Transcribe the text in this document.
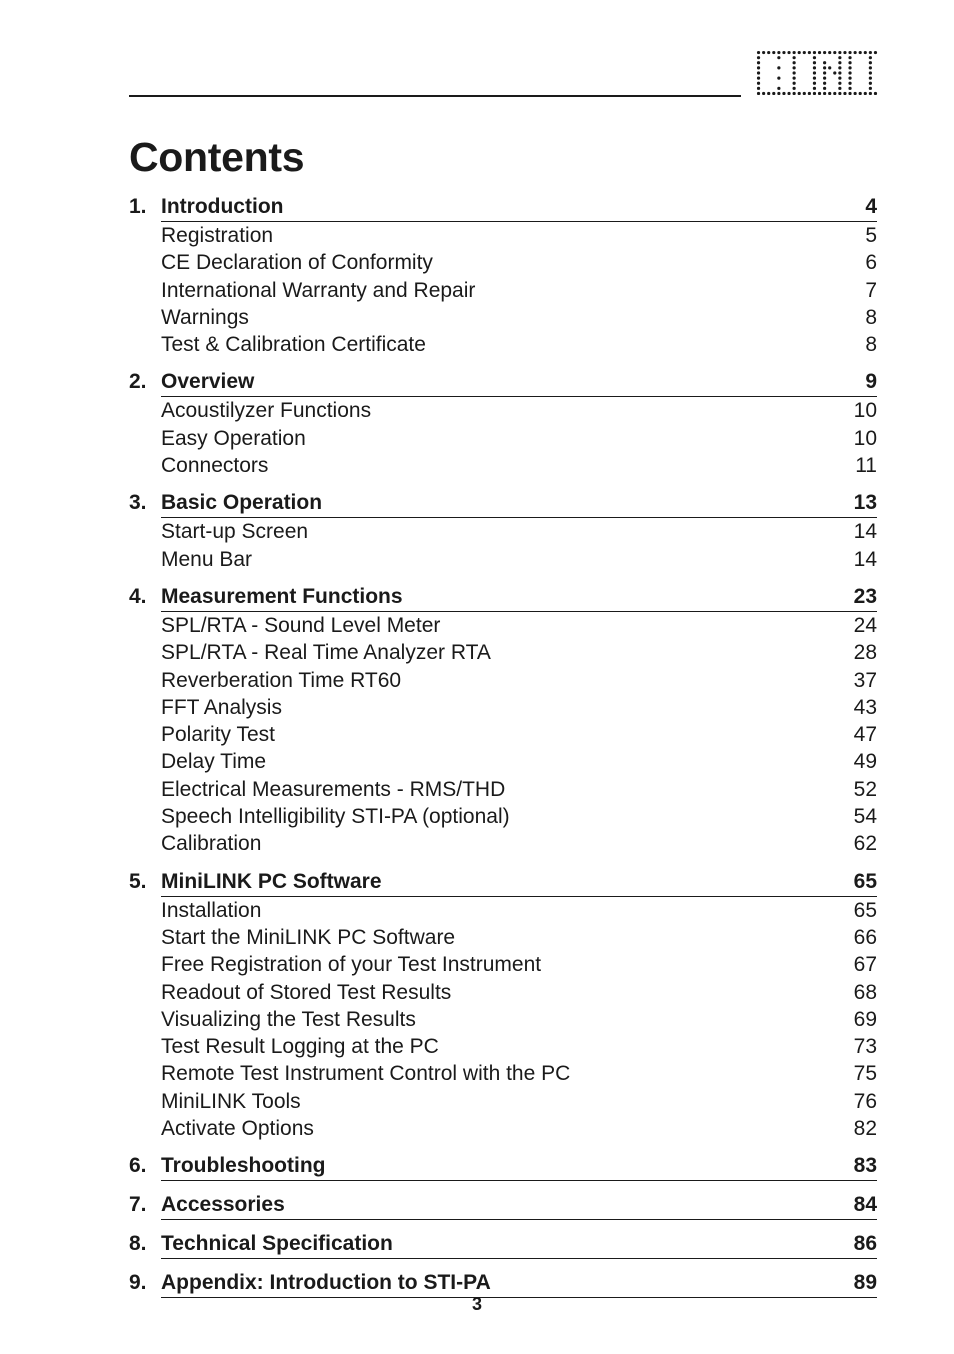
Contents
1. Introduction	4
Registration	5
CE Declaration of Conformity	6
International Warranty and Repair	7
Warnings	8
Test & Calibration Certificate	8
2. Overview	9
Acoustilyzer Functions	10
Easy Operation	10
Connectors	11
3. Basic Operation	13
Start-up Screen	14
Menu Bar	14
4. Measurement Functions	23
SPL/RTA - Sound Level Meter	24
SPL/RTA - Real Time Analyzer RTA	28
Reverberation Time RT60	37
FFT Analysis	43
Polarity Test	47
Delay Time	49
Electrical Measurements - RMS/THD	52
Speech Intelligibility STI-PA (optional)	54
Calibration	62
5. MiniLINK PC Software	65
Installation	65
Start the MiniLINK PC Software	66
Free Registration of your Test Instrument	67
Readout of Stored Test Results	68
Visualizing the Test Results	69
Test Result Logging at the PC	73
Remote Test Instrument Control with the PC	75
MiniLINK Tools	76
Activate Options	82
6. Troubleshooting	83
7. Accessories	84
8. Technical Specification	86
9. Appendix: Introduction to STI-PA	89
3
